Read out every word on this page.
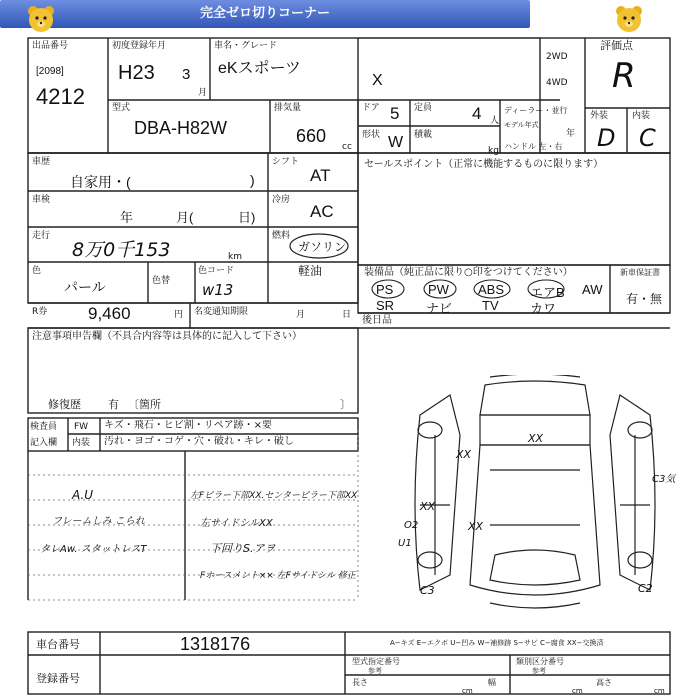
完全ゼロ切りコーナー
出品番号
[2098]
4212
初度登録年月
H23 3
月
車名・グレード
eKスポーツ
X
2WD
4WD
評価点
R
外装	内装
D C
型式
DBA-H82W
排気量
660
cc
ドア 5 定員 4 人
ディーラー・並行
モデル年式
年
形状 W 積載
kg ハンドル 左・右
車歴
自家用・(	)
シフト
AT
セールスポイント（正常に機能するものに限ります）
車検
年	月(	日)
冷房
AC
走行
8万0千153	km
燃料
ガソリン
軽油
色
パール	色替
色コード
w13
装備品（純正品に限り○印をつけてください）
PS	PW ABS エアB AW
SR ナビ TV カワ
新車保証書
有・無
R券 9,460	円 名変通知期限	月	日
注意事項申告欄（不具合内容等は具体的に記入して下さい）
修復歴 有 〔箇所	〕
後日品
検査員
記入欄
FW
内装
キズ・飛石・ヒビ割・リペア跡・×要
汚れ・ヨゴ・コゲ・穴・破れ・キレ・破し
A.U
フレームしみ こられ
タレAw. スタットレスT
左Fピラー下部XX.センターピラー下部XX
左サイドシルXX
下回りS.アヲ
Fホースメント×× 左Fサイドシル 修正
XX
XX
XX
XX
C3気
O2
U1
C3	C2
車台番号	1318176
登録番号
A−キズ E−エクボ U−凹み W−補修跡 S−サビ C−腐食 XX−交換済
型式指定番号
参考
類別区分番号
参考
長さ
cm
幅
cm
高さ
cm
